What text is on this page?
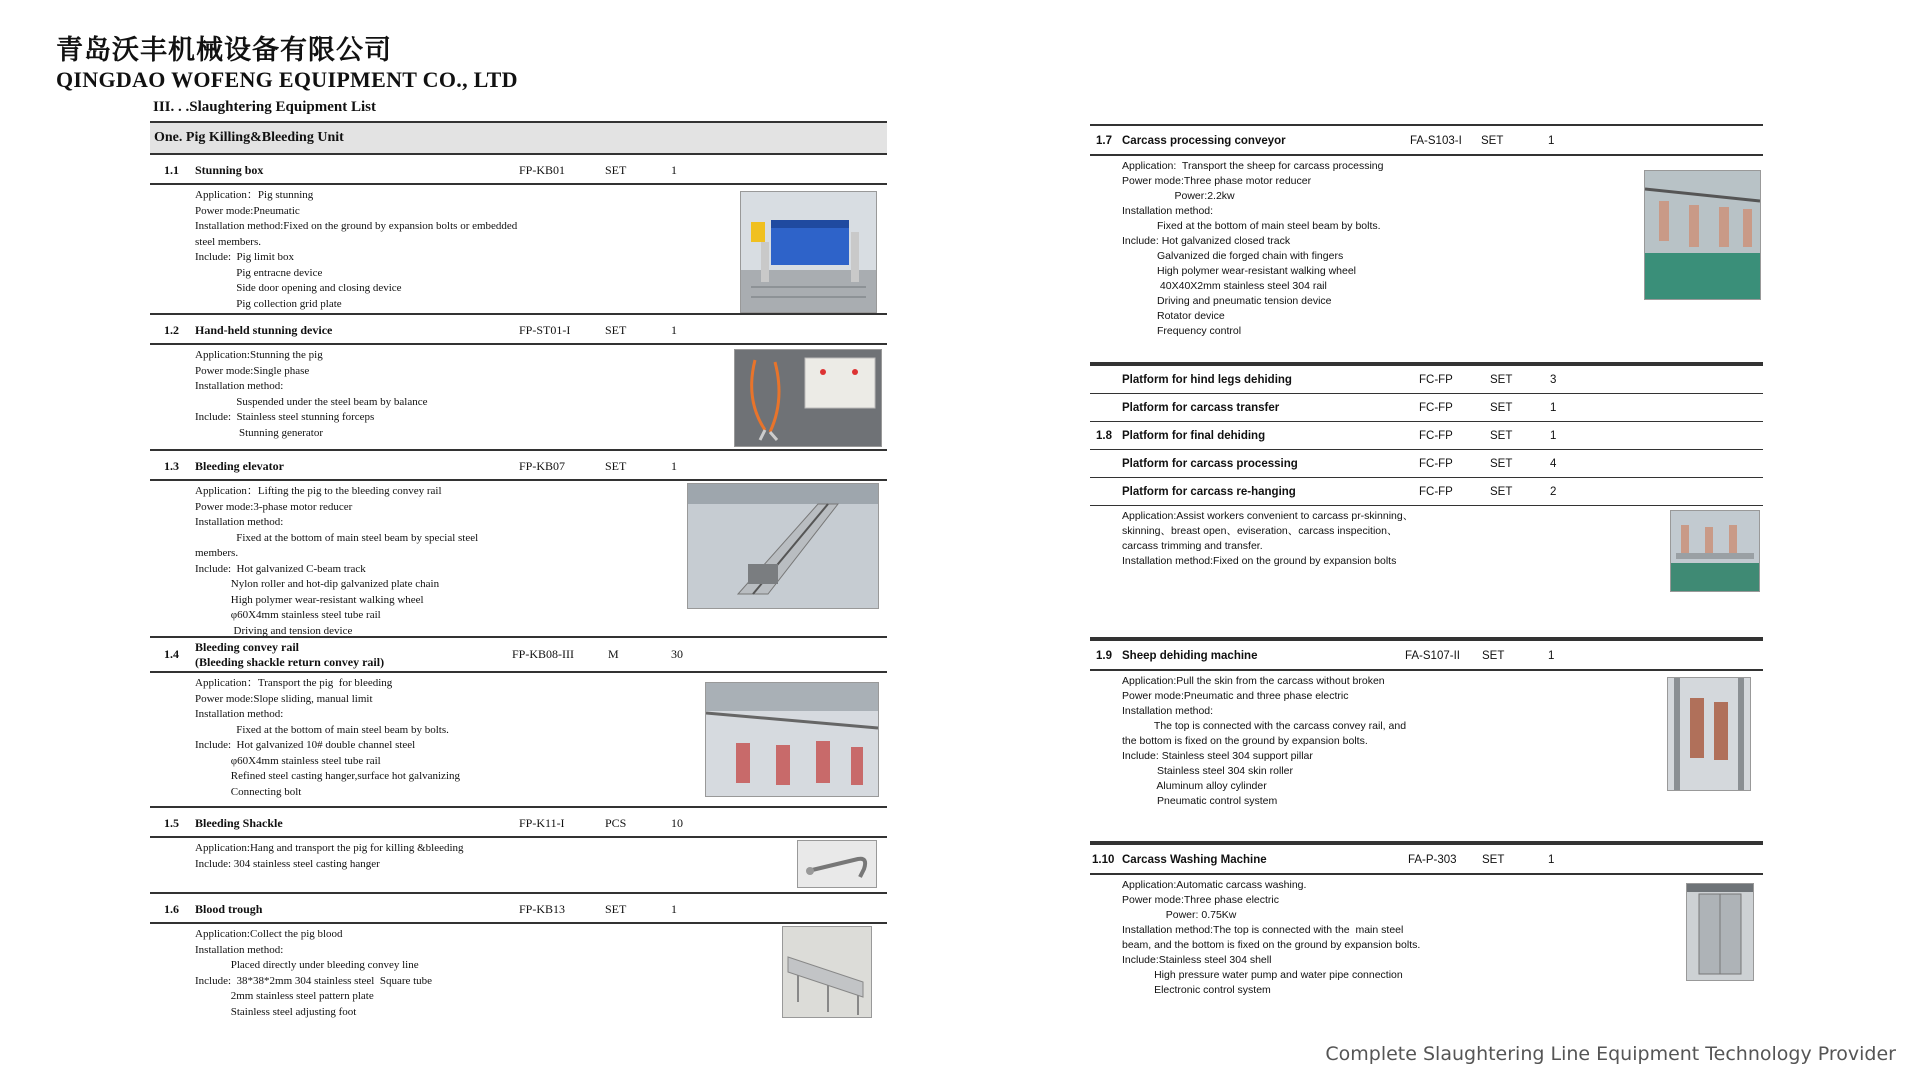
青岛沃丰机械设备有限公司
QINGDAO WOFENG EQUIPMENT CO., LTD
III. . .Slaughtering Equipment List
One. Pig Killing&Bleeding Unit
1.1 Stunning box	FP-KB01	SET	1
Application：Pig stunning
Power mode:Pneumatic
Installation method:Fixed on the ground by expansion bolts or embedded
steel members.
Include:  Pig limit box
Pig entracne device
Side door opening and closing device
Pig collection grid plate
1.2 Hand-held stunning device	FP-ST01-I	SET	1
Application:Stunning the pig
Power mode:Single phase
Installation method:
Suspended under the steel beam by balance
Include:  Stainless steel stunning forceps
Stunning generator
1.3 Bleeding elevator	FP-KB07	SET	1
Application：Lifting the pig to the bleeding convey rail
Power mode:3-phase motor reducer
Installation method:
Fixed at the bottom of main steel beam by special steel
members.
Include:  Hot galvanized C-beam track
Nylon roller and hot-dip galvanized plate chain
High polymer wear-resistant walking wheel
φ60X4mm stainless steel tube rail
Driving and tension device
1.4 Bleeding convey rail
(Bleeding shackle return convey rail)
FP-KB08-III	M	30
Application：Transport the pig  for bleeding
Power mode:Slope sliding, manual limit
Installation method:
Fixed at the bottom of main steel beam by bolts.
Include:  Hot galvanized 10# double channel steel
φ60X4mm stainless steel tube rail
Refined steel casting hanger,surface hot galvanizing
Connecting bolt
1.5 Bleeding Shackle	FP-K11-I	PCS	10
Application:Hang and transport the pig for killing &bleeding
Include: 304 stainless steel casting hanger
1.6 Blood trough	FP-KB13	SET	1
Application:Collect the pig blood
Installation method:
Placed directly under bleeding convey line
Include:  38*38*2mm 304 stainless steel  Square tube
2mm stainless steel pattern plate
Stainless steel adjusting foot
1.7 Carcass processing conveyor	FA-S103-I SET	1
Application:  Transport the sheep for carcass processing
Power mode:Three phase motor reducer
Power:2.2kw
Installation method:
Fixed at the bottom of main steel beam by bolts.
Include: Hot galvanized closed track
Galvanized die forged chain with fingers
High polymer wear-resistant walking wheel
40X40X2mm stainless steel 304 rail
Driving and pneumatic tension device
Rotator device
Frequency control
Platform for hind legs dehiding	FC-FP	SET	3
Platform for carcass transfer	FC-FP	SET	1
1.8 Platform for final dehiding	FC-FP	SET	1
Platform for carcass processing	FC-FP	SET	4
Platform for carcass re-hanging	FC-FP	SET	2
Application:Assist workers convenient to carcass pr-skinning、
skinning、breast open、eviseration、carcass inspecition、
carcass trimming and transfer.
Installation method:Fixed on the ground by expansion bolts
1.9 Sheep dehiding machine	FA-S107-II SET	1
Application:Pull the skin from the carcass without broken
Power mode:Pneumatic and three phase electric
Installation method:
The top is connected with the carcass convey rail, and
the bottom is fixed on the ground by expansion bolts.
Include: Stainless steel 304 support pillar
Stainless steel 304 skin roller
Aluminum alloy cylinder
Pneumatic control system
1.10 Carcass Washing Machine	FA-P-303 SET	1
Application:Automatic carcass washing.
Power mode:Three phase electric
Power: 0.75Kw
Installation method:The top is connected with the  main steel
beam, and the bottom is fixed on the ground by expansion bolts.
Include:Stainless steel 304 shell
High pressure water pump and water pipe connection
Electronic control system
Complete Slaughtering Line Equipment Technology Provider
